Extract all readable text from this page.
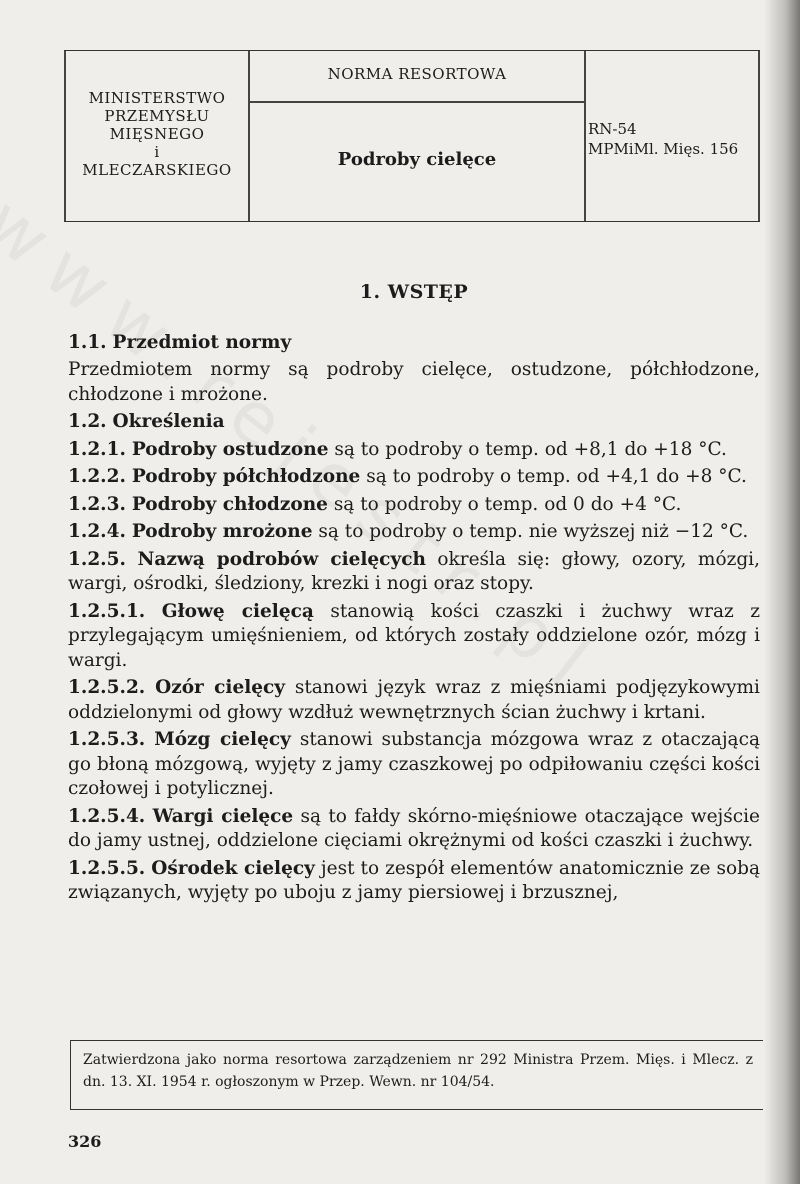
MINISTERSTWO
PRZEMYSŁU
MIĘSNEGO
i
MLECZARSKIEGO
NORMA RESORTOWA
Podroby cielęce
RN-54
MPMiMl. Mięs. 156
1. WSTĘP

1.1. Przedmiot normy

Przedmiotem normy są podroby cielęce, ostudzone, półchłodzone, chłodzone i mrożone.

1.2. Określenia

1.2.1. Podroby ostudzone są to podroby o temp. od +8,1 do +18 °C.

1.2.2. Podroby półchłodzone są to podroby o temp. od +4,1 do +8 °C.

1.2.3. Podroby chłodzone są to podroby o temp. od 0 do +4 °C.

1.2.4. Podroby mrożone są to podroby o temp. nie wyższej niż −12 °C.

1.2.5. Nazwą podrobów cielęcych określa się: głowy, ozory, mózgi, wargi, ośrodki, śledziony, krezki i nogi oraz stopy.

1.2.5.1. Głowę cielęcą stanowią kości czaszki i żuchwy wraz z przylegającym umięśnieniem, od których zostały oddzielone ozór, mózg i wargi.

1.2.5.2. Ozór cielęcy stanowi język wraz z mięśniami podjęzykowymi oddzielonymi od głowy wzdłuż wewnętrznych ścian żuchwy i krtani.

1.2.5.3. Mózg cielęcy stanowi substancja mózgowa wraz z otaczającą go błoną mózgową, wyjęty z jamy czaszkowej po odpiłowaniu części kości czołowej i potylicznej.

1.2.5.4. Wargi cielęce są to fałdy skórno-mięśniowe otaczające wejście do jamy ustnej, oddzielone cięciami okrężnymi od kości czaszki i żuchwy.

1.2.5.5. Ośrodek cielęcy jest to zespół elementów anatomicznie ze sobą związanych, wyjęty po uboju z jamy piersiowej i brzusznej,

Zatwierdzona jako norma resortowa zarządzeniem nr 292 Ministra Przem. Mięs. i Mlecz. z dn. 13. XI. 1954 r. ogłoszonym w Przep. Wewn. nr 104/54.
326
